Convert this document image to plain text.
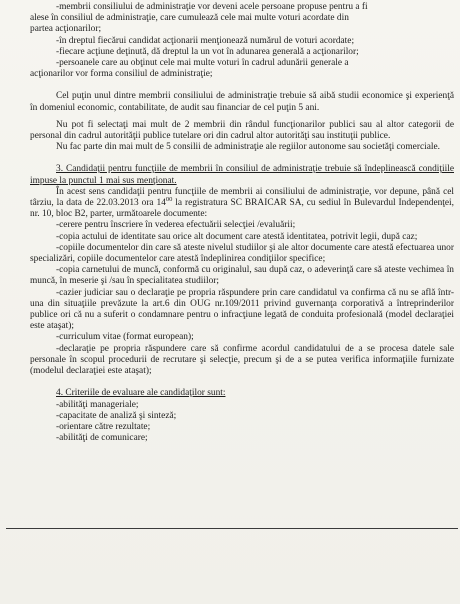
-membrii consiliului de administraţie vor deveni acele persoane propuse pentru a fi

alese în consiliul de administraţie, care cumulează cele mai multe voturi acordate din

partea acţionarilor;

-în dreptul fiecărui candidat acţionarii menţionează numărul de voturi acordate;

-fiecare acţiune deţinută, dă dreptul la un vot în adunarea generală a acţionarilor;

-persoanele care au obţinut cele mai multe voturi în cadrul adunării generale a

acţionarilor vor forma consiliul de administraţie;

Cel puţin unul dintre membrii consiliului de administraţie trebuie să aibă studii economice şi experienţă în domeniul economic, contabilitate, de audit sau financiar de cel puţin 5 ani.

Nu pot fi selectaţi mai mult de 2 membrii din rândul funcţionarilor publici sau al altor categorii de personal din cadrul autorităţii publice tutelare ori din cadrul altor autorităţi sau instituţii publice.

Nu fac parte din mai mult de 5 consilii de administraţie ale regiilor autonome sau societăţi comerciale.

3. Candidaţii pentru funcţiile de membrii în consiliul de administraţie trebuie să îndeplinească condiţiile impuse la punctul 1 mai sus menţionat.

În acest sens candidaţii pentru funcţiile de membrii ai consiliului de administraţie, vor depune, până cel târziu, la data de 22.03.2013 ora $14^{00}$ la registratura SC BRAICAR SA, cu sediul în Bulevardul Independenţei, nr. 10, bloc B2, parter, următoarele documente:

-cerere pentru înscriere în vederea efectuării selecţiei /evaluării;

-copia actului de identitate sau orice alt document care atestă identitatea, potrivit legii, după caz;

-copiile documentelor din care să ateste nivelul studiilor şi ale altor documente care atestă efectuarea unor specializări, copiile documentelor care atestă îndeplinirea condiţiilor specifice;

-copia carnetului de muncă, conformă cu originalul, sau după caz, o adeverinţă care să ateste vechimea în muncă, în meserie şi /sau în specialitatea studiilor;

-cazier judiciar sau o declaraţie pe propria răspundere prin care candidatul va confirma că nu se află într-una din situaţiile prevăzute la art.6 din OUG nr.109/2011 privind guvernanţa corporativă a întreprinderilor publice ori că nu a suferit o condamnare pentru o infracţiune legată de conduita profesională (model declaraţiei este ataşat);

-curriculum vitae (format european);

-declaraţie pe propria răspundere care să confirme acordul candidatului de a se procesa datele sale personale în scopul procedurii de recrutare şi selecţie, precum şi de a se putea verifica informaţiile furnizate (modelul declaraţiei este ataşat);

4. Criteriile de evaluare ale candidaţilor sunt:

-abilităţi manageriale;

-capacitate de analiză şi sinteză;

-orientare către rezultate;

-abilităţi de comunicare;
